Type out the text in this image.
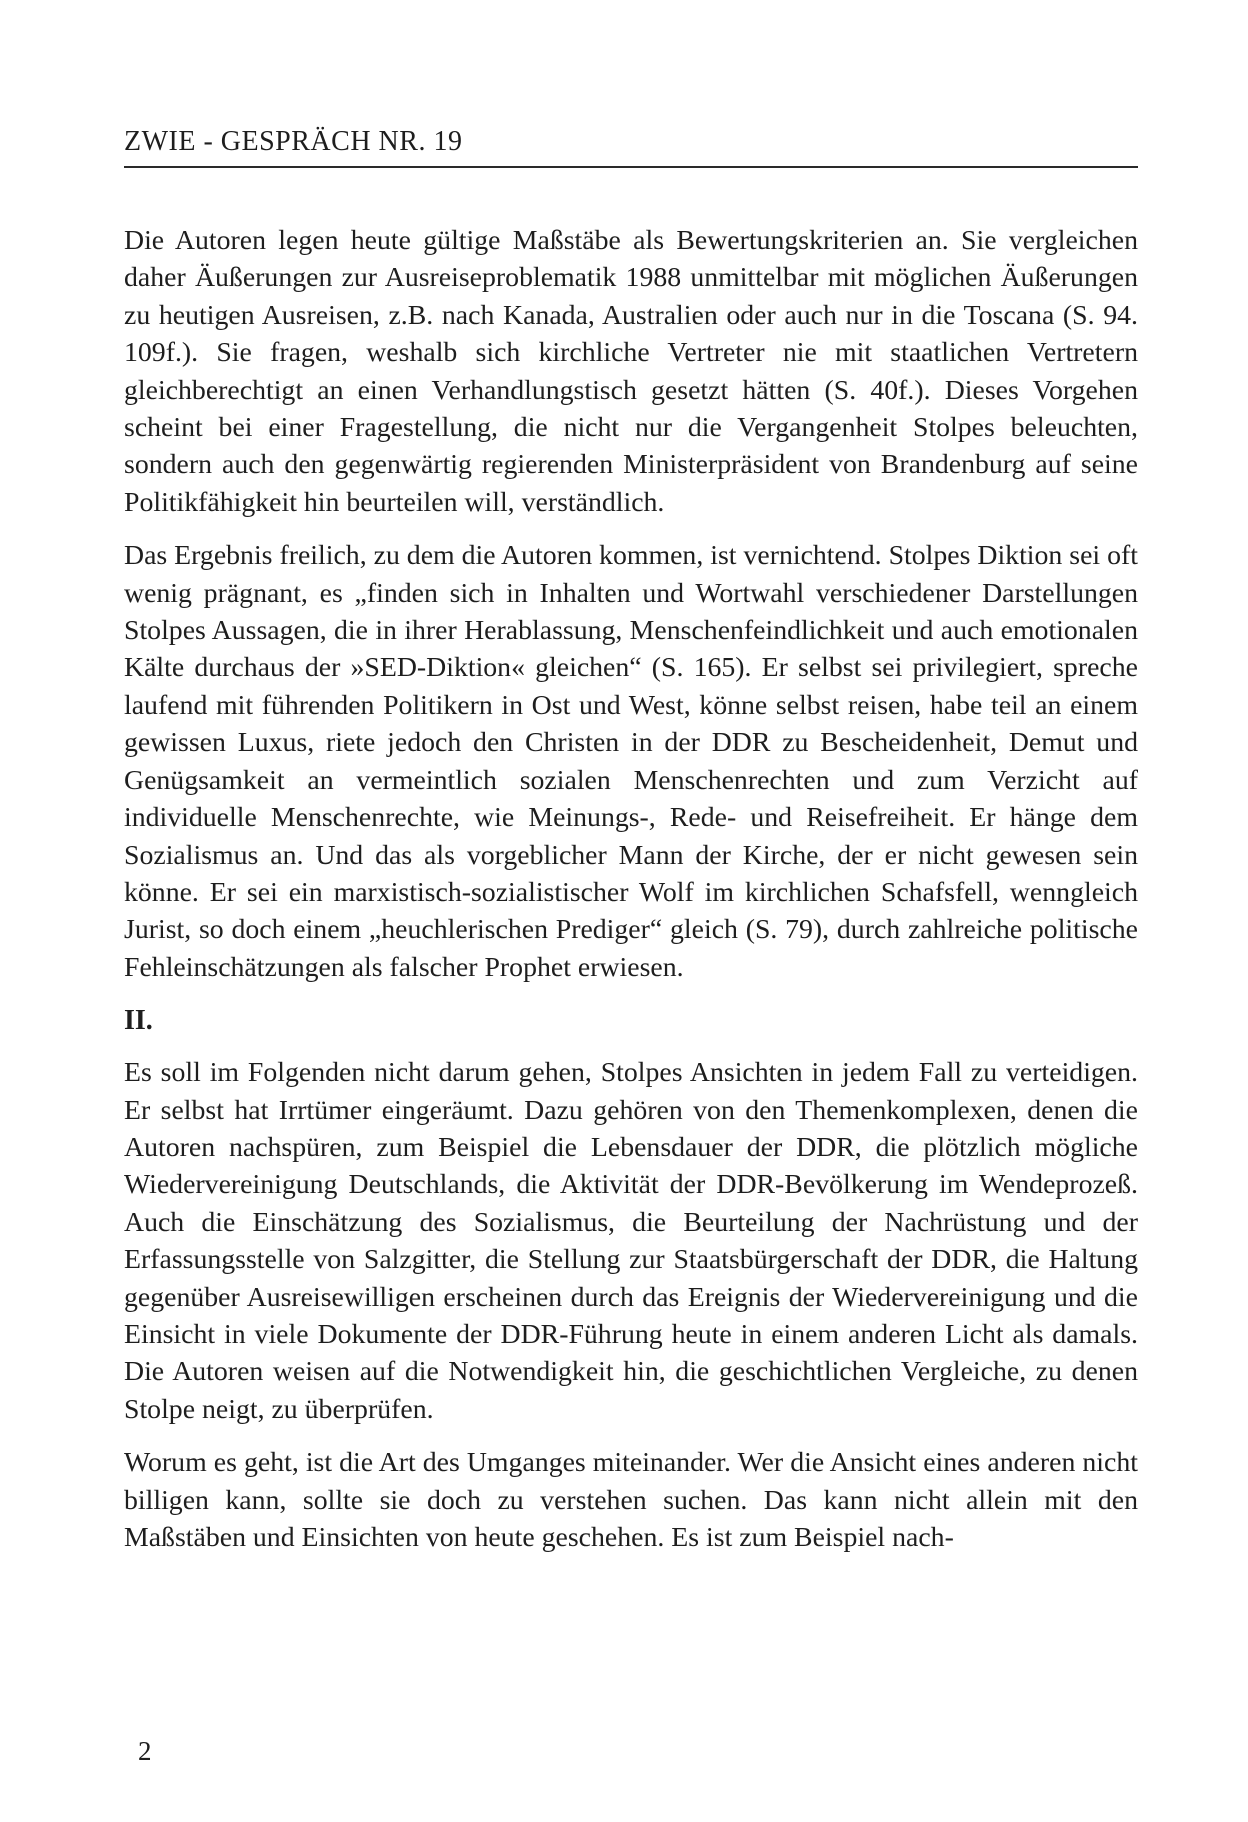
ZWIE - GESPRÄCH NR. 19

Die Autoren legen heute gültige Maßstäbe als Bewertungskriterien an. Sie vergleichen daher Äußerungen zur Ausreiseproblematik 1988 unmittelbar mit möglichen Äußerungen zu heutigen Ausreisen, z.B. nach Kanada, Australien oder auch nur in die Toscana (S. 94. 109f.). Sie fragen, weshalb sich kirchliche Vertreter nie mit staatlichen Vertretern gleichberechtigt an einen Verhandlungstisch gesetzt hätten (S. 40f.). Dieses Vorgehen scheint bei einer Fragestellung, die nicht nur die Vergangenheit Stolpes beleuchten, sondern auch den gegenwärtig regierenden Ministerpräsident von Brandenburg auf seine Politikfähigkeit hin beurteilen will, verständlich.

Das Ergebnis freilich, zu dem die Autoren kommen, ist vernichtend. Stolpes Diktion sei oft wenig prägnant, es „finden sich in Inhalten und Wortwahl verschiedener Darstellungen Stolpes Aussagen, die in ihrer Herablassung, Menschenfeindlichkeit und auch emotionalen Kälte durchaus der »SED-Diktion« gleichen“ (S. 165). Er selbst sei privilegiert, spreche laufend mit führenden Politikern in Ost und West, könne selbst reisen, habe teil an einem gewissen Luxus, riete jedoch den Christen in der DDR zu Bescheidenheit, Demut und Genügsamkeit an vermeintlich sozialen Menschenrechten und zum Verzicht auf individuelle Menschenrechte, wie Meinungs-, Rede- und Reisefreiheit. Er hänge dem Sozialismus an. Und das als vorgeblicher Mann der Kirche, der er nicht gewesen sein könne. Er sei ein marxistisch-sozialistischer Wolf im kirchlichen Schafsfell, wenngleich Jurist, so doch einem „heuchlerischen Prediger“ gleich (S. 79), durch zahlreiche politische Fehleinschätzungen als falscher Prophet erwiesen.

II.

Es soll im Folgenden nicht darum gehen, Stolpes Ansichten in jedem Fall zu verteidigen. Er selbst hat Irrtümer eingeräumt. Dazu gehören von den Themenkomplexen, denen die Autoren nachspüren, zum Beispiel die Lebensdauer der DDR, die plötzlich mögliche Wiedervereinigung Deutschlands, die Aktivität der DDR-Bevölkerung im Wendeprozeß. Auch die Einschätzung des Sozialismus, die Beurteilung der Nachrüstung und der Erfassungsstelle von Salzgitter, die Stellung zur Staatsbürgerschaft der DDR, die Haltung gegenüber Ausreisewilligen erscheinen durch das Ereignis der Wiedervereinigung und die Einsicht in viele Dokumente der DDR-Führung heute in einem anderen Licht als damals. Die Autoren weisen auf die Notwendigkeit hin, die geschichtlichen Vergleiche, zu denen Stolpe neigt, zu überprüfen.

Worum es geht, ist die Art des Umganges miteinander. Wer die Ansicht eines anderen nicht billigen kann, sollte sie doch zu verstehen suchen. Das kann nicht allein mit den Maßstäben und Einsichten von heute geschehen. Es ist zum Beispiel nach-

2
